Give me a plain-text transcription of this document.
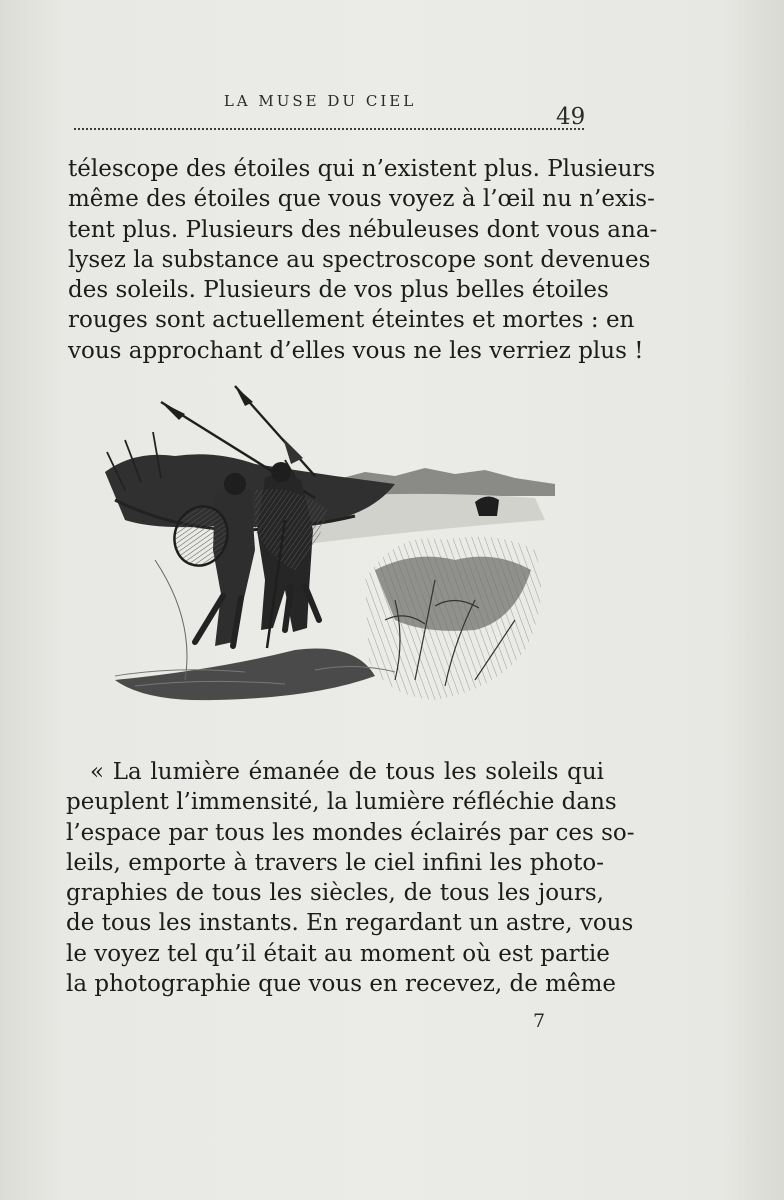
LA MUSE DU CIEL
49
télescope des étoiles qui n’existent plus. Plusieurs
même des étoiles que vous voyez à l’œil nu n’exis-
tent plus. Plusieurs des nébuleuses dont vous ana-
lysez la substance au spectroscope sont devenues
des soleils. Plusieurs de vos plus belles étoiles
rouges sont actuellement éteintes et mortes : en
vous approchant d’elles vous ne les verriez plus !
« La lumière émanée de tous les soleils qui
peuplent l’immensité, la lumière réfléchie dans
l’espace par tous les mondes éclairés par ces so-
leils, emporte à travers le ciel infini les photo-
graphies de tous les siècles, de tous les jours,
de tous les instants. En regardant un astre, vous
le voyez tel qu’il était au moment où est partie
la photographie que vous en recevez, de même
7
